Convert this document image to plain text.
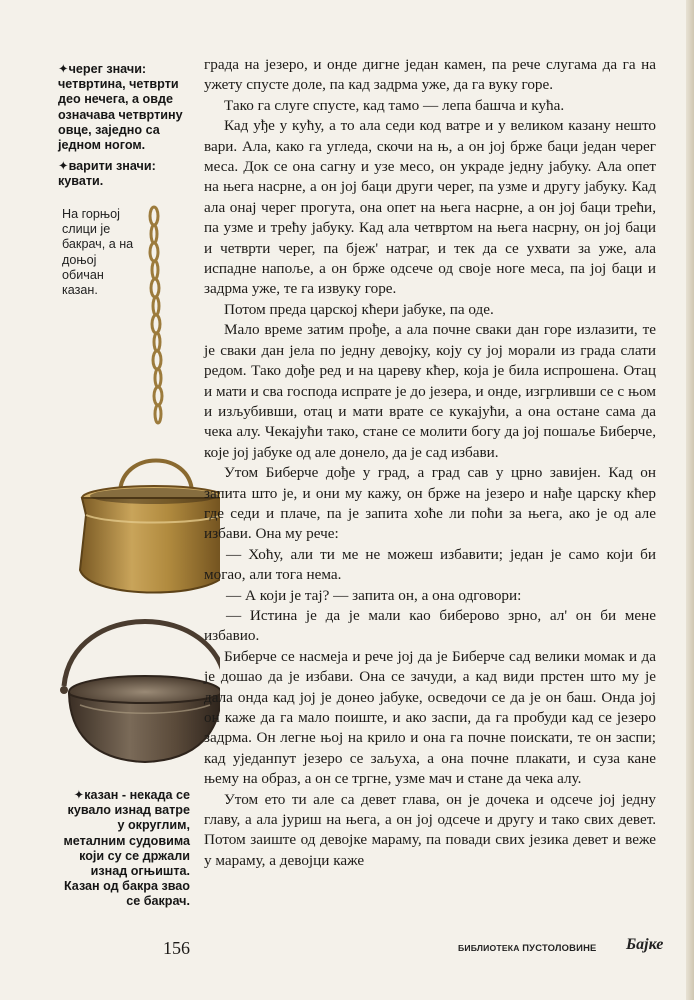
✦черег значи: четвртина, четврти део нечега, а овде означава четвртину овце, заједно са једном ногом.
✦варити значи: кувати.
На горњој слици је бакрач, а на доњој обичан казан.
✦казан - некада се кувало изнад ватре у округлим, металним судовима који су се држали изнад огњишта. Казан од бакра звао се бакрач.

града на језеро, и онде дигне један камен, па рече слугама да га на ужету спусте доле, па кад задрма уже, да га вуку горе.

Тако га слуге спусте, кад тамо — лепа башча и кућа.

Кад уђе у кућу, а то ала седи код ватре и у великом казану нешто вари. Ала, како га угледа, скочи на њ, а он јој брже баци један черег меса. Док се она сагну и узе месо, он украде једну јабуку. Ала опет на њега насрне, а он јој баци други черег, па узме и другу јабуку. Кад ала онај черег прогута, она опет на њега насрне, а он јој баци трећи, па узме и трећу јабуку. Кад ала четвртом на њега насрну, он јој баци и четврти черег, па бјеж' натраг, и тек да се ухвати за уже, ала испадне напоље, а он брже одсече од своје ноге меса, па јој баци и задрма уже, те га извуку горе.

Потом преда царској кћери јабуке, па оде.

Мало време затим прође, а ала почне сваки дан горе излазити, те је сваки дан јела по једну девојку, коју су јој морали из града слати редом. Тако дође ред и на цареву кћер, која је била испрошена. Отац и мати и сва господа испрате је до језера, и онде, изгрливши се с њом и изљубивши, отац и мати врате се кукајући, а она остане сама да чека алу. Чекајући тако, стане се молити богу да јој пошаље Биберче, које јој јабуке од але донело, да је сад избави.

Утом Биберче дође у град, а град сав у црно завијен. Кад он запита што је, и они му кажу, он брже на језеро и нађе царску кћер где седи и плаче, па је запита хоће ли поћи за њега, ако је од але избави. Она му рече:

— Хоћу, али ти ме не можеш избавити; један је само који би могао, али тога нема.

— А који је тај? — запита он, а она одговори:

— Истина је да је мали као биберово зрно, ал' он би мене избавио.

Биберче се насмеја и рече јој да је Биберче сад велики момак и да је дошао да је избави. Она се зачуди, а кад види прстен што му је дала онда кад јој је донео јабуке, осведочи се да је он баш. Онда јој он каже да га мало поиште, и ако заспи, да га пробуди кад се језеро задрма. Он легне њој на крило и она га почне поискати, те он заспи; кад уједанпут језеро се заљуха, а она почне плакати, и суза кане њему на образ, а он се тргне, узме мач и стане да чека алу.

Утом ето ти але са девет глава, он је дочека и одсече јој једну главу, а ала јуриш на њега, а он јој одсече и другу и тако свих девет. Потом заиште од девојке мараму, па повади свих језика девет и веже у мараму, а девојци каже

156	БИБЛИОТЕКА ПУСТОЛОВИНЕ Бајке
